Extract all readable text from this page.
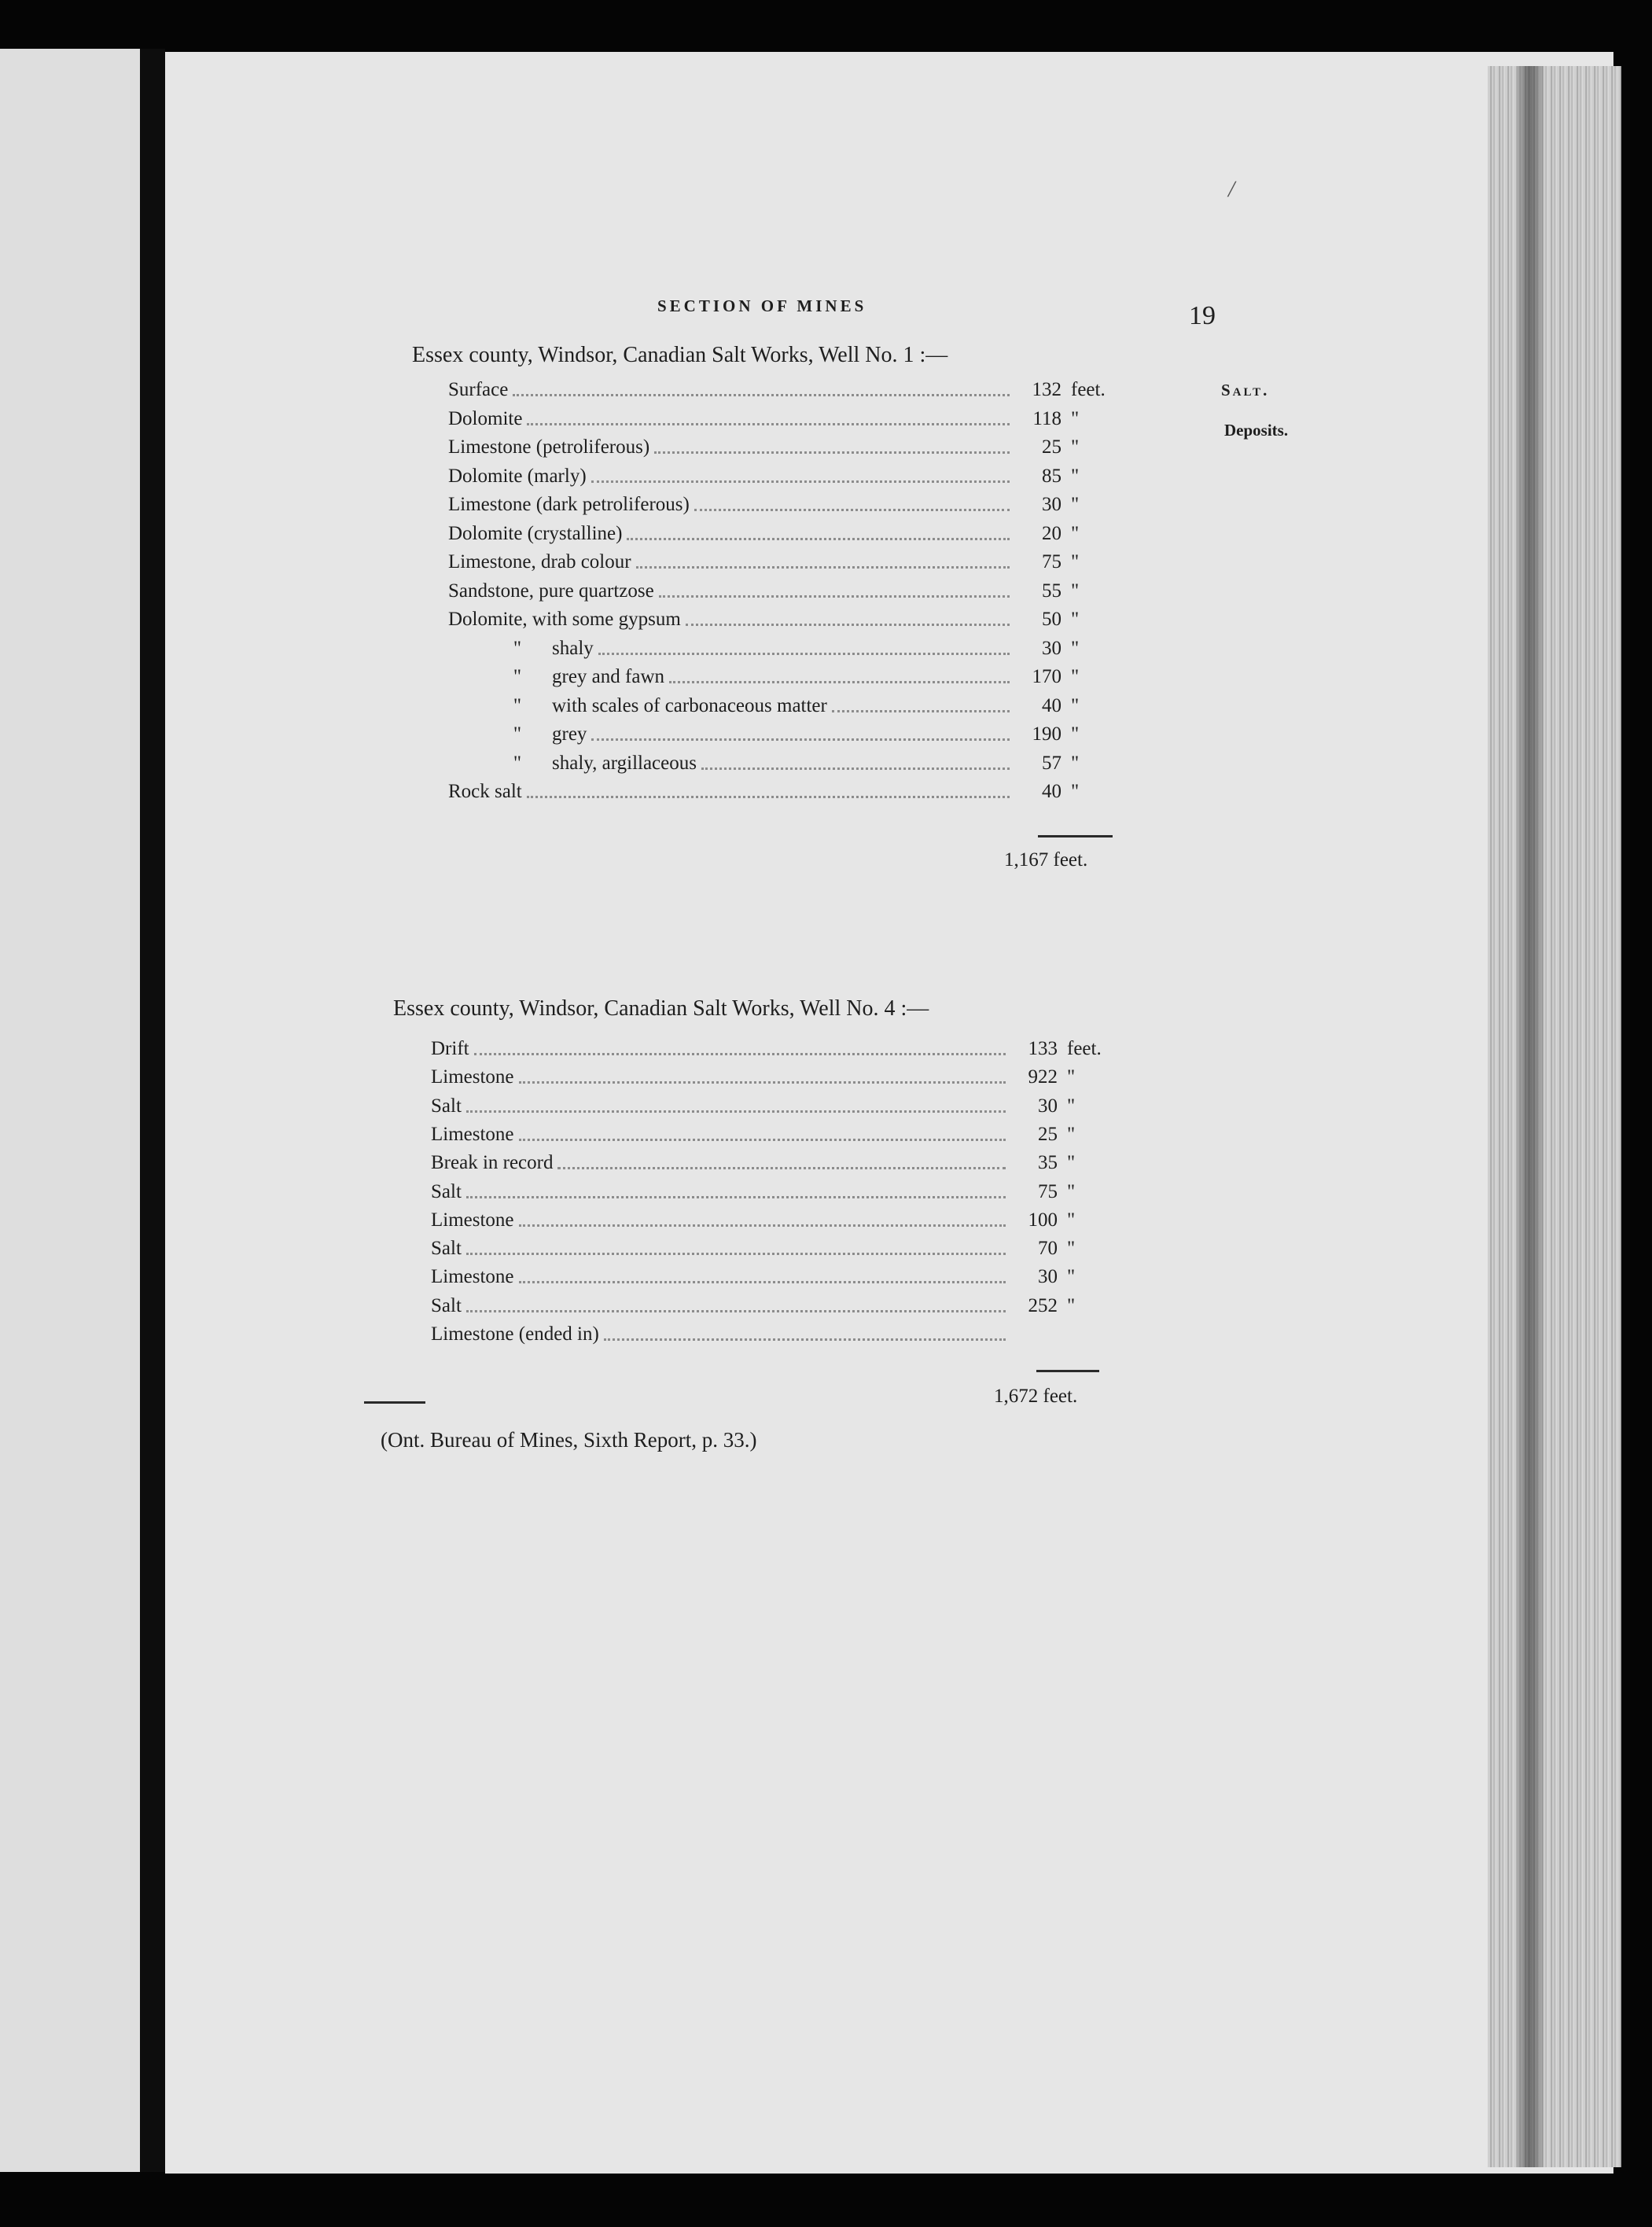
SECTION OF MINES	19
/
Salt.
Deposits.
Essex county, Windsor, Canadian Salt Works, Well No. 1 :—
Surface	132 feet.
Dolomite	118 "
Limestone (petroliferous)	25 "
Dolomite (marly)	85 "
Limestone (dark petroliferous)	30 "
Dolomite (crystalline)	20 "
Limestone, drab colour	75 "
Sandstone, pure quartzose	55 "
Dolomite, with some gypsum	50 "
" shaly	30 "
" grey and fawn	170 "
" with scales of carbonaceous matter	40 "
" grey	190 "
" shaly, argillaceous	57 "
Rock salt	40 "
1,167 feet.
Essex county, Windsor, Canadian Salt Works, Well No. 4 :—
Drift	133 feet.
Limestone	922 "
Salt	30 "
Limestone	25 "
Break in record	35 "
Salt	75 "
Limestone	100 "
Salt	70 "
Limestone	30 "
Salt	252 "
Limestone (ended in)
1,672 feet.
(Ont. Bureau of Mines, Sixth Report, p. 33.)
